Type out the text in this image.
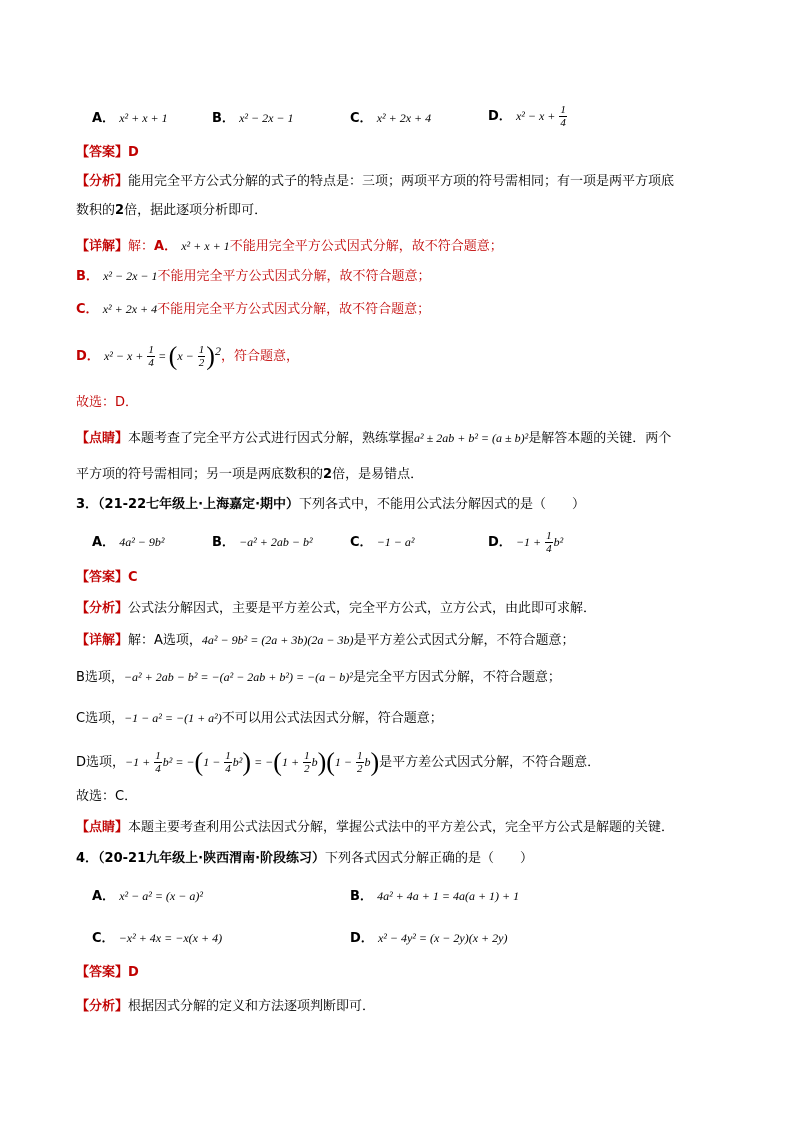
A． x² + x + 1	B． x² − 2x − 1	C． x² + 2x + 4	D． $x^2 - x + \frac{1}{4}$
【答案】D
【分析】能用完全平方公式分解的式子的特点是：三项；两项平方项的符号需相同；有一项是两平方项底
数积的2倍，据此逐项分析即可．
【详解】解：A． x² + x + 1不能用完全平方公式因式分解，故不符合题意；
B． x² − 2x − 1不能用完全平方公式因式分解，故不符合题意；
C． x² + 2x + 4不能用完全平方公式因式分解，故不符合题意；
D． $x^2 - x + \frac{1}{4} = (x - \frac{1}{2} )^2$，符合题意，
故选：D．
【点睛】本题考查了完全平方公式进行因式分解，熟练掌握a² ± 2ab + b² = (a ± b)²是解答本题的关键．两个
平方项的符号需相同；另一项是两底数积的2倍，是易错点．
3．（21-22七年级上·上海嘉定·期中）下列各式中，不能用公式法分解因式的是（　　）
A． 4a² − 9b²	B． −a² + 2ab − b²	C． −1 − a²	D． $-1 + \frac{1}{4} b^2$
【答案】C
【分析】公式法分解因式，主要是平方差公式，完全平方公式，立方公式，由此即可求解．
【详解】解：A选项，4a² − 9b² = (2a + 3b)(2a − 3b)是平方差公式因式分解，不符合题意；
B选项，−a² + 2ab − b² = −(a² − 2ab + b²) = −(a − b)²是完全平方因式分解，不符合题意；
C选项，−1 − a² = −(1 + a²)不可以用公式法因式分解，符合题意；
D选项，$-1 + \frac{1}{4} b^2 = -(1 - \frac{1}{4} b^2) = -(1 + \frac{1}{2} b)(1 - \frac{1}{2} b)$是平方差公式因式分解，不符合题意．
故选：C．
【点睛】本题主要考查利用公式法因式分解，掌握公式法中的平方差公式，完全平方公式是解题的关键．
4．（20-21九年级上·陕西渭南·阶段练习）下列各式因式分解正确的是（　　）
A． x² − a² = (x − a)²	B． 4a² + 4a + 1 = 4a(a + 1) + 1
C． −x² + 4x = −x(x + 4)	D． x² − 4y² = (x − 2y)(x + 2y)
【答案】D
【分析】根据因式分解的定义和方法逐项判断即可．
